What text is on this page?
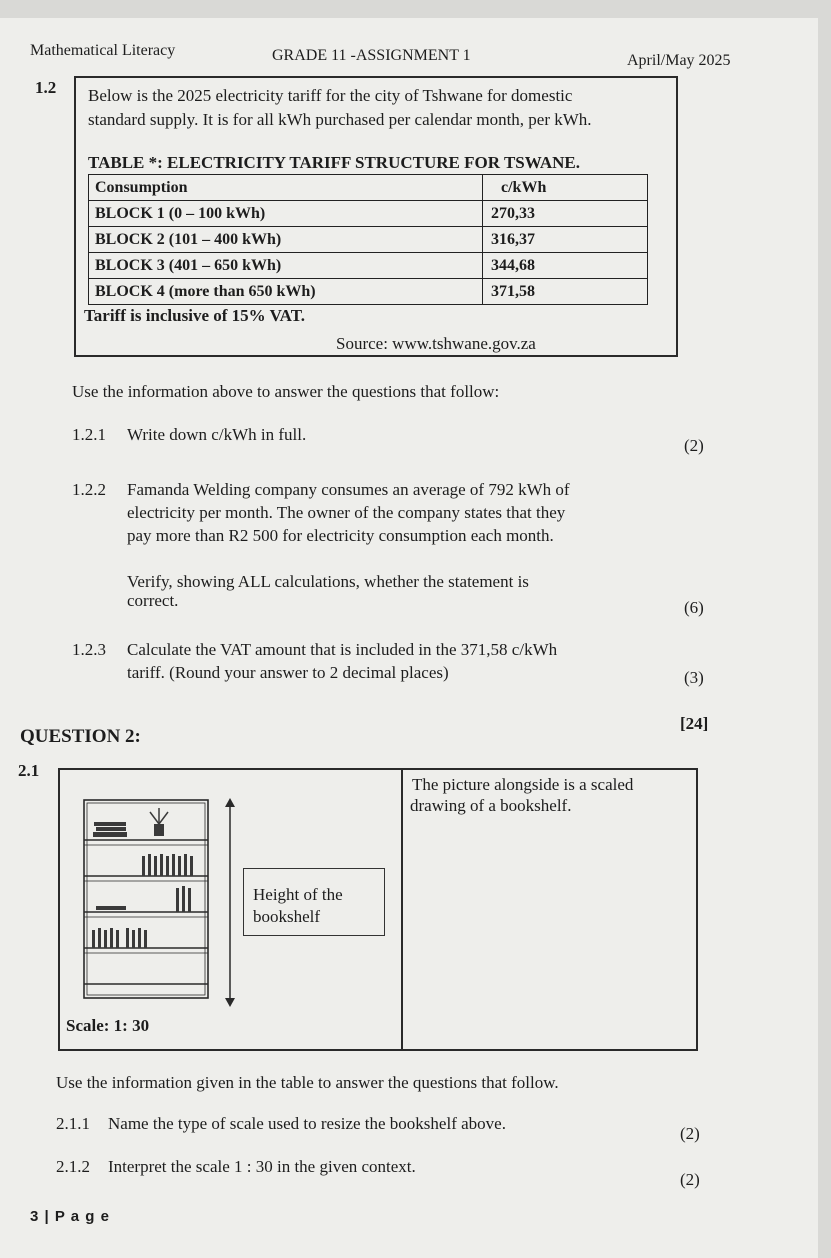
Mathematical Literacy	GRADE 11 -ASSIGNMENT 1	April/May 2025
1.2 Below is the 2025 electricity tariff for the city of Tshwane for domestic
standard supply. It is for all kWh purchased per calendar month, per kWh.
TABLE *: ELECTRICITY TARIFF STRUCTURE FOR TSWANE.
Consumption	c/kWh
BLOCK 1 (0 – 100 kWh)	270,33
BLOCK 2 (101 – 400 kWh)	316,37
BLOCK 3 (401 – 650 kWh)	344,68
BLOCK 4 (more than 650 kWh)	371,58
Tariff is inclusive of 15% VAT.
Source: www.tshwane.gov.za
Use the information above to answer the questions that follow:
1.2.1 Write down c/kWh in full.
(2)
1.2.2 Famanda Welding company consumes an average of 792 kWh of
electricity per month. The owner of the company states that they
pay more than R2 500 for electricity consumption each month.
Verify, showing ALL calculations, whether the statement is
correct.	(6)
1.2.3 Calculate the VAT amount that is included in the 371,58 c/kWh
tariff. (Round your answer to 2 decimal places)	(3)
[24]
QUESTION 2:
2.1
The picture alongside is a scaled
drawing of a bookshelf.
Height of the
bookshelf
Scale: 1: 30
Use the information given in the table to answer the questions that follow.
2.1.1 Name the type of scale used to resize the bookshelf above.
(2)
2.1.2 Interpret the scale 1 : 30 in the given context.
(2)
3 | P a g e
